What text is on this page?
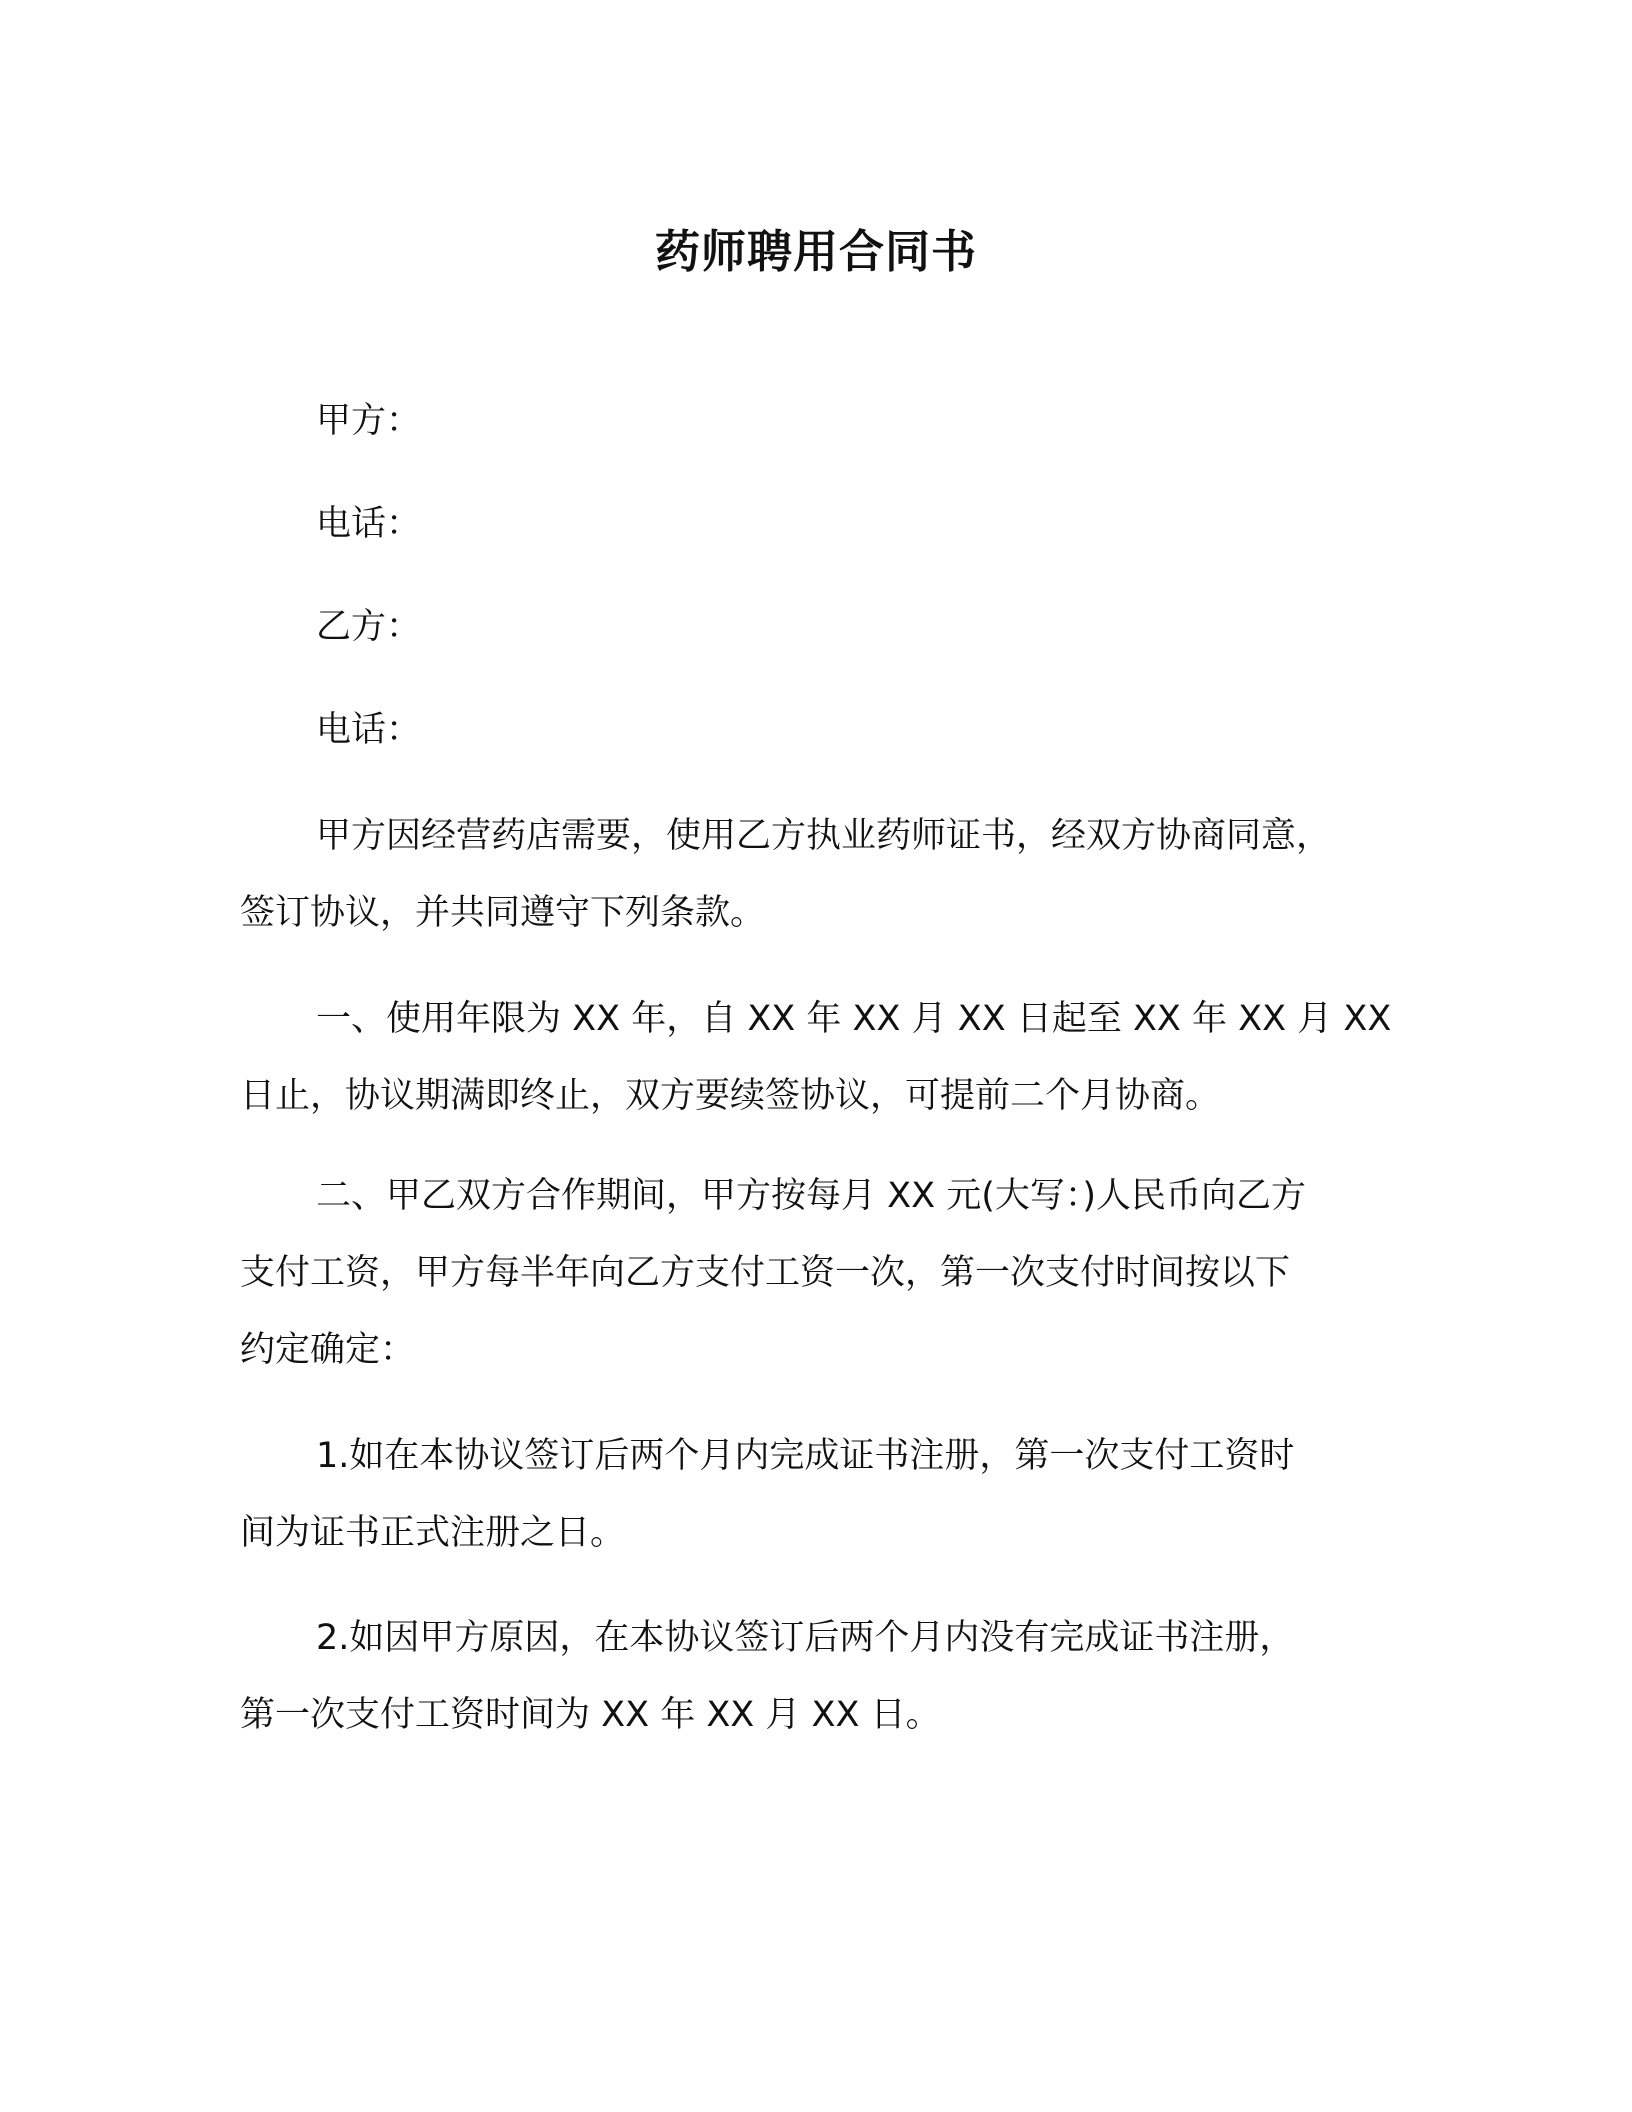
药师聘用合同书
甲方：
电话：
乙方：
电话：
甲方因经营药店需要，使用乙方执业药师证书，经双方协商同意，
签订协议，并共同遵守下列条款。
一、使用年限为 XX 年，自 XX 年 XX 月 XX 日起至 XX 年 XX 月 XX
日止，协议期满即终止，双方要续签协议，可提前二个月协商。
二、甲乙双方合作期间，甲方按每月 XX 元(大写：)人民币向乙方
支付工资，甲方每半年向乙方支付工资一次，第一次支付时间按以下
约定确定：
1.如在本协议签订后两个月内完成证书注册，第一次支付工资时
间为证书正式注册之日。
2.如因甲方原因，在本协议签订后两个月内没有完成证书注册，
第一次支付工资时间为 XX 年 XX 月 XX 日。
